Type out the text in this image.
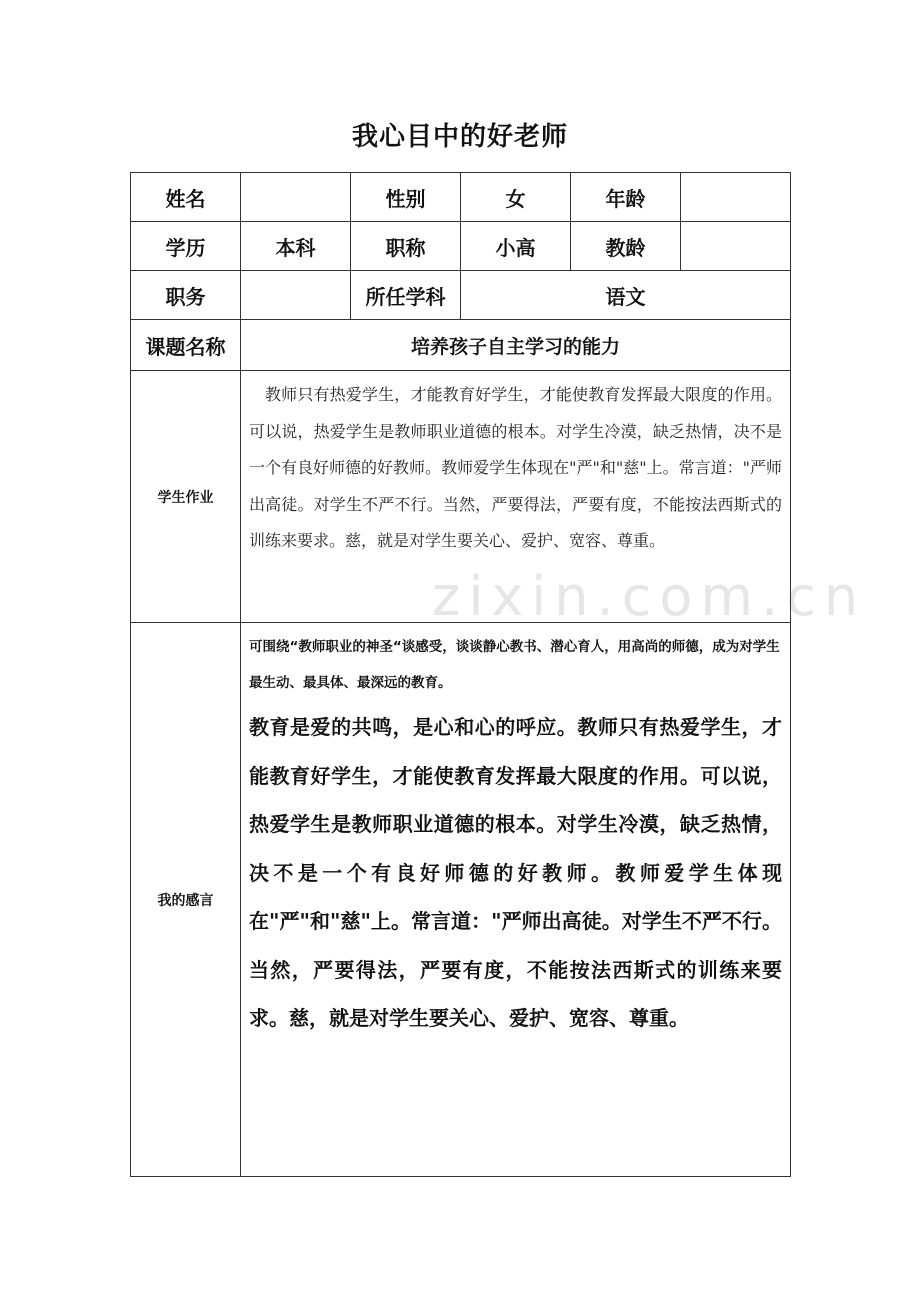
我心目中的好老师
zixin.com.cn
姓名		性别	女	年龄	
学历	本科	职称	小高	教龄	
职务		所任学科	语文		
课题名称	培养孩子自主学习的能力				
学生作业	教师只有热爱学生，才能教育好学生，才能使教育发挥最大限度的作用。可以说，热爱学生是教师职业道德的根本。对学生冷漠，缺乏热情，决不是一个有良好师德的好教师。教师爱学生体现在"严"和"慈"上。常言道："严师出高徒。对学生不严不行。当然，严要得法，严要有度，不能按法西斯式的训练来要求。慈，就是对学生要关心、爱护、宽容、尊重。				
我的感言	可围绕“教师职业的神圣“谈感受，谈谈静心教书、潜心育人，用高尚的师德，成为对学生最生动、最具体、最深远的教育。
教育是爱的共鸣，是心和心的呼应。教师只有热爱学生，才能教育好学生，才能使教育发挥最大限度的作用。可以说，热爱学生是教师职业道德的根本。对学生冷漠，缺乏热情，决不是一个有良好师德的好教师。教师爱学生体现在"严"和"慈"上。常言道："严师出高徒。对学生不严不行。当然，严要得法，严要有度，不能按法西斯式的训练来要求。慈，就是对学生要关心、爱护、宽容、尊重。				
